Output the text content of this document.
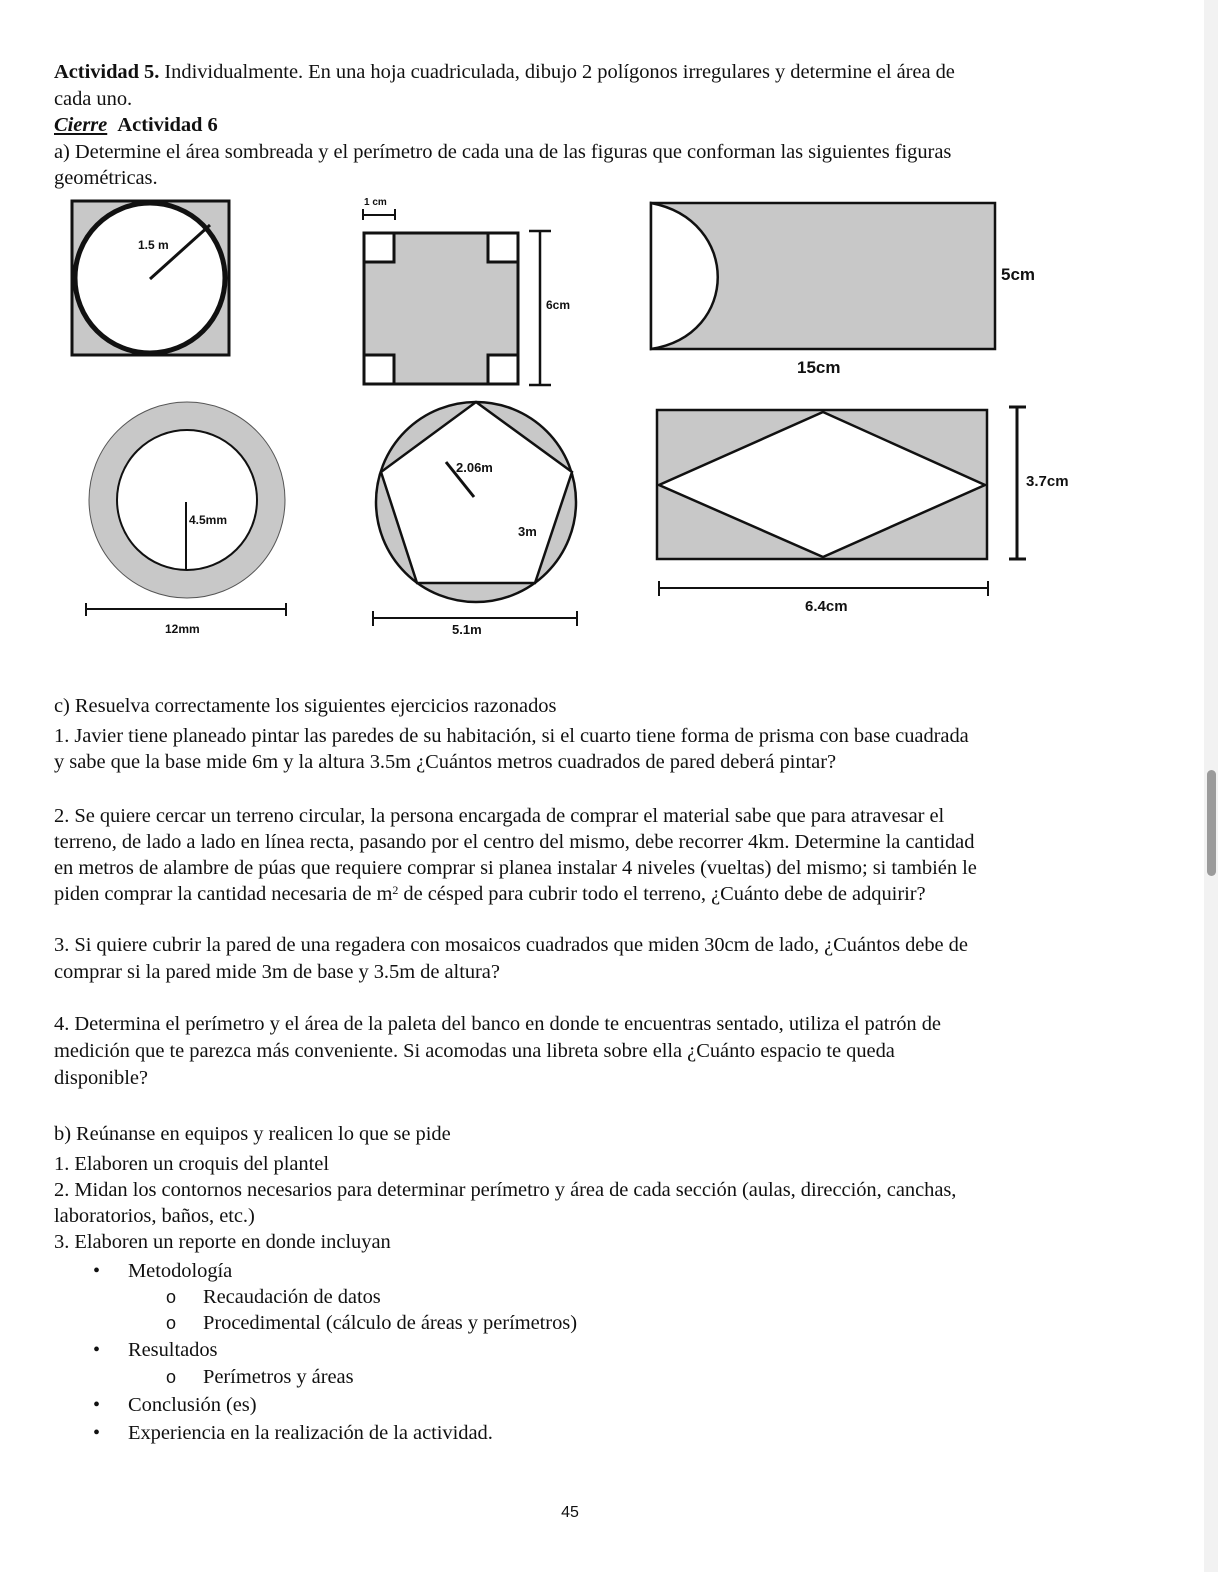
Actividad 5. Individualmente. En una hoja cuadriculada, dibujo 2 polígonos irregulares y determine el área de
cada uno.
Cierre Actividad 6
a) Determine el área sombreada y el perímetro de cada una de las figuras que conforman las siguientes figuras
geométricas.
1.5 m
1 cm
6cm
5cm
15cm
4.5mm
12mm
2.06m
3m
5.1m
3.7cm
6.4cm
c) Resuelva correctamente los siguientes ejercicios razonados
1. Javier tiene planeado pintar las paredes de su habitación, si el cuarto tiene forma de prisma con base cuadrada
y sabe que la base mide 6m y la altura 3.5m ¿Cuántos metros cuadrados de pared deberá pintar?
2. Se quiere cercar un terreno circular, la persona encargada de comprar el material sabe que para atravesar el
terreno, de lado a lado en línea recta, pasando por el centro del mismo, debe recorrer 4km. Determine la cantidad
en metros de alambre de púas que requiere comprar si planea instalar 4 niveles (vueltas) del mismo; si también le
piden comprar la cantidad necesaria de $m^2$ de césped para cubrir todo el terreno, ¿Cuánto debe de adquirir?
3. Si quiere cubrir la pared de una regadera con mosaicos cuadrados que miden 30cm de lado, ¿Cuántos debe de
comprar si la pared mide 3m de base y 3.5m de altura?
4. Determina el perímetro y el área de la paleta del banco en donde te encuentras sentado, utiliza el patrón de
medición que te parezca más conveniente. Si acomodas una libreta sobre ella ¿Cuánto espacio te queda
disponible?
b) Reúnanse en equipos y realicen lo que se pide
1. Elaboren un croquis del plantel
2. Midan los contornos necesarios para determinar perímetro y área de cada sección (aulas, dirección, canchas,
laboratorios, baños, etc.)
3. Elaboren un reporte en donde incluyan
• Metodología
o Recaudación de datos
o Procedimental (cálculo de áreas y perímetros)
• Resultados
o Perímetros y áreas
• Conclusión (es)
• Experiencia en la realización de la actividad.
45
